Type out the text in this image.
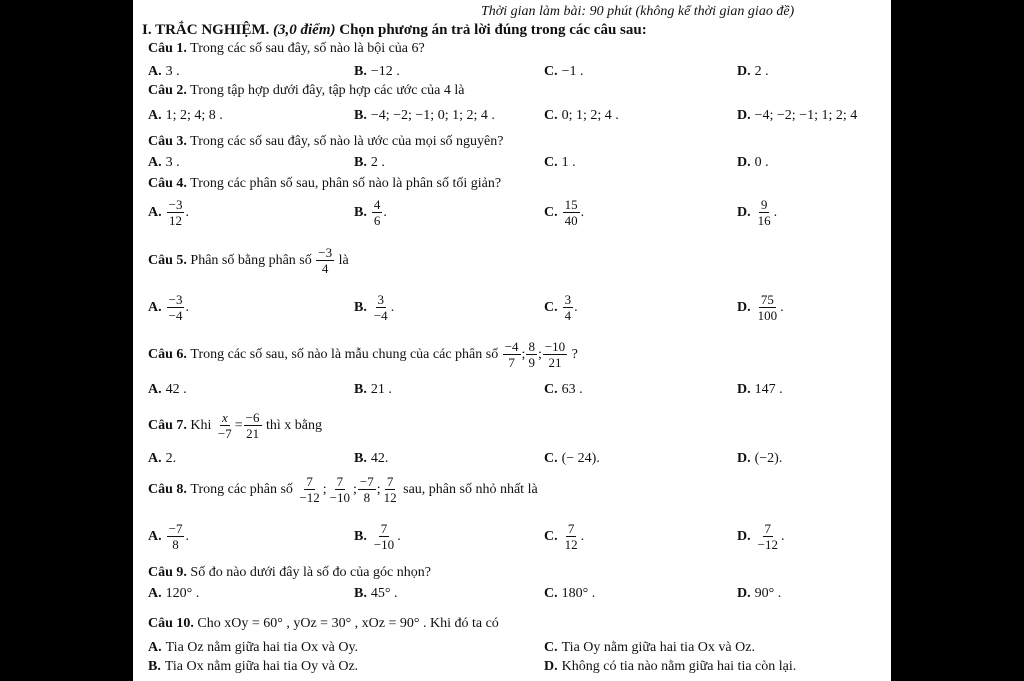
Thời gian làm bài: 90 phút (không kể thời gian giao đề)
I. TRẮC NGHIỆM. (3,0 điểm) Chọn phương án trả lời đúng trong các câu sau:
Câu 1. Trong các số sau đây, số nào là bội của 6?
A. 3 .	B. −12 .	C. −1 .	D. 2 .
Câu 2. Trong tập hợp dưới đây, tập hợp các ước của 4 là
A. 1; 2; 4; 8 .	B. −4; −2; −1; 0; 1; 2; 4 .	C. 0; 1; 2; 4 .	D. −4; −2; −1; 1; 2; 4
Câu 3. Trong các số sau đây, số nào là ước của mọi số nguyên?
A. 3 .	B. 2 .	C. 1 .	D. 0 .
Câu 4. Trong các phân số sau, phân số nào là phân số tối giản?
A. $\frac{-3}{12}$ .	B. $\frac{4}{6}$ .	C. $\frac{15}{40}$ .	D. $\frac{9}{16}$ .
Câu 5.
Phân số bằng phân số
$\frac{-3}{4}$
là
A. $\frac{-3}{-4}$ .	B. $\frac{3}{-4}$ .	C. $\frac{3}{4}$ .	D. $\frac{75}{100}$ .
Câu 6.
Trong các số sau, số nào là mẫu chung của các phân số
$\frac{-4}{7}$ ; $\frac{8}{9}$ ; $\frac{-10}{21}$
?
A. 42 .	B. 21 .	C. 63 .	D. 147 .
Câu 7.
Khi
$\frac{x}{-7} = \frac{-6}{21}$
thì x bằng
A. 2.	B. 42.	C. (− 24).	D. (−2).
Câu 8.
Trong các phân số
$\frac{7}{-12}$ ; $\frac{7}{-10}$ ; $\frac{-7}{8}$ ; $\frac{7}{12}$
sau, phân số nhỏ nhất là
A. $\frac{-7}{8}$ .	B. $\frac{7}{-10}$ .	C. $\frac{7}{12}$ .	D. $\frac{7}{-12}$ .
Câu 9. Số đo nào dưới đây là số đo của góc nhọn?
A. 120° .	B. 45° .	C. 180° .	D. 90° .
Câu 10. Cho xOy = 60° , yOz = 30° , xOz = 90° . Khi đó ta có
A. Tia Oz nằm giữa hai tia Ox và Oy.	C. Tia Oy nằm giữa hai tia Ox và Oz.
B. Tia Ox nằm giữa hai tia Oy và Oz.	D. Không có tia nào nằm giữa hai tia còn lại.
